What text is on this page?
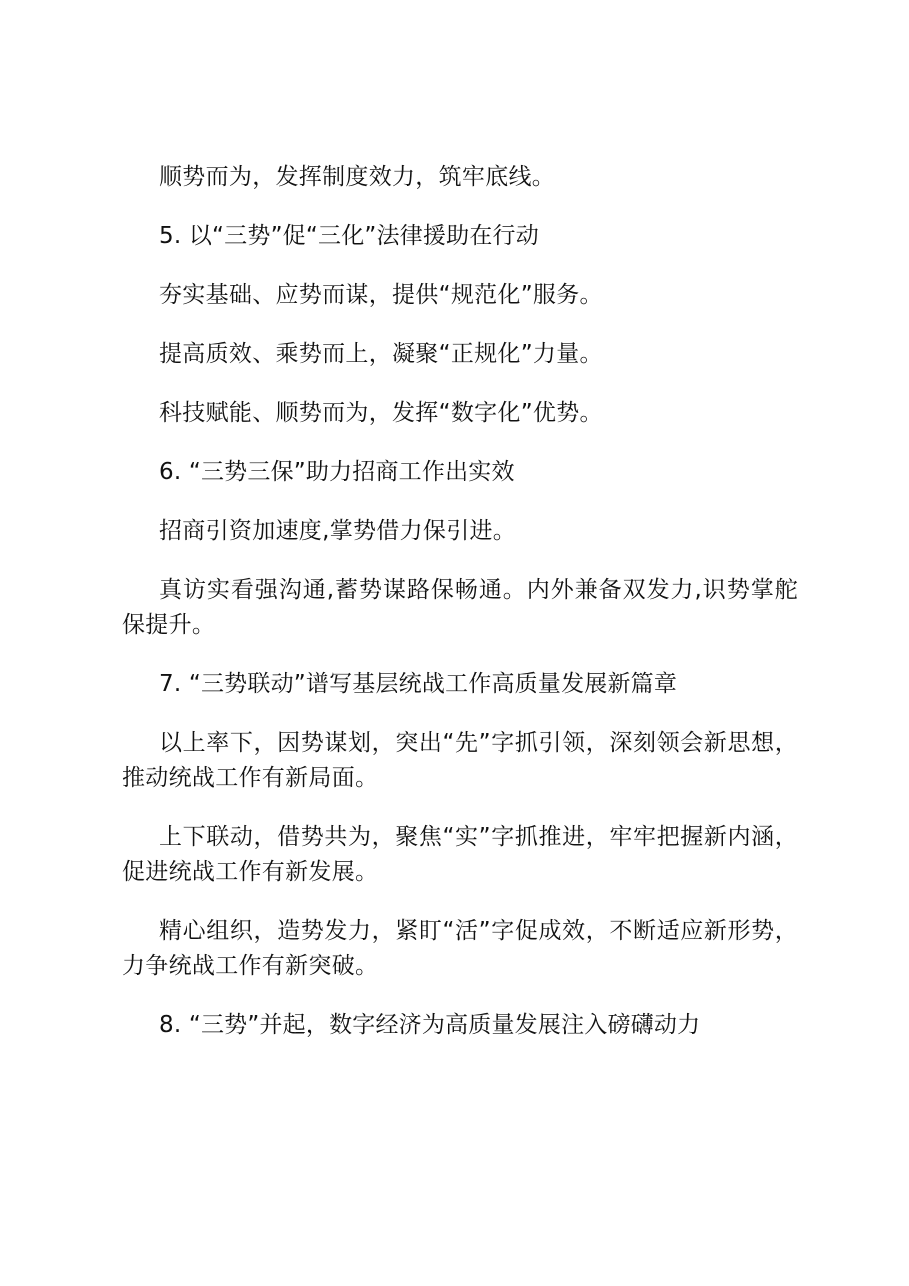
顺势而为，发挥制度效力，筑牢底线。

5. 以“三势”促“三化”法律援助在行动

夯实基础、应势而谋，提供“规范化”服务。

提高质效、乘势而上，凝聚“正规化”力量。

科技赋能、顺势而为，发挥“数字化”优势。

6. “三势三保”助力招商工作出实效

招商引资加速度,掌势借力保引进。

真访实看强沟通,蓄势谋路保畅通。内外兼备双发力,识势掌舵保提升。

7. “三势联动”谱写基层统战工作高质量发展新篇章

以上率下，因势谋划，突出“先”字抓引领，深刻领会新思想，推动统战工作有新局面。

上下联动，借势共为，聚焦“实”字抓推进，牢牢把握新内涵，促进统战工作有新发展。

精心组织，造势发力，紧盯“活”字促成效，不断适应新形势，力争统战工作有新突破。

8. “三势”并起，数字经济为高质量发展注入磅礴动力
